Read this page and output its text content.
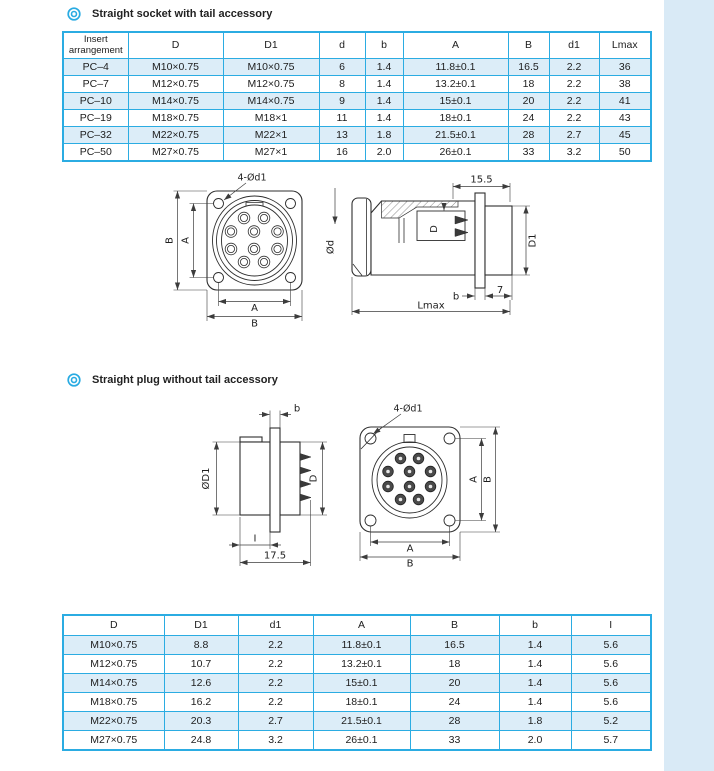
Straight socket with tail accessory
Insert arrangement	D	D1	d	b	A	B	d1	Lmax
PC–4	M10×0.75	M10×0.75	6	1.4	11.8±0.1	16.5	2.2	36
PC–7	M12×0.75	M12×0.75	8	1.4	13.2±0.1	18	2.2	38
PC–10	M14×0.75	M14×0.75	9	1.4	15±0.1	20	2.2	41
PC–19	M18×0.75	M18×1	11	1.4	18±0.1	24	2.2	43
PC–32	M22×0.75	M22×1	13	1.8	21.5±0.1	28	2.7	45
PC–50	M27×0.75	M27×1	16	2.0	26±0.1	33	3.2	50
4-Ød1
B A
A
B
D
Ød
15.5
D1
b
7
Lmax
Straight plug without tail accessory
b
ØD1	D
I
17.5
4-Ød1
A B
A
B
D	D1	d1	A	B	b	I
M10×0.75	8.8	2.2	11.8±0.1	16.5	1.4	5.6
M12×0.75	10.7	2.2	13.2±0.1	18	1.4	5.6
M14×0.75	12.6	2.2	15±0.1	20	1.4	5.6
M18×0.75	16.2	2.2	18±0.1	24	1.4	5.6
M22×0.75	20.3	2.7	21.5±0.1	28	1.8	5.2
M27×0.75	24.8	3.2	26±0.1	33	2.0	5.7
